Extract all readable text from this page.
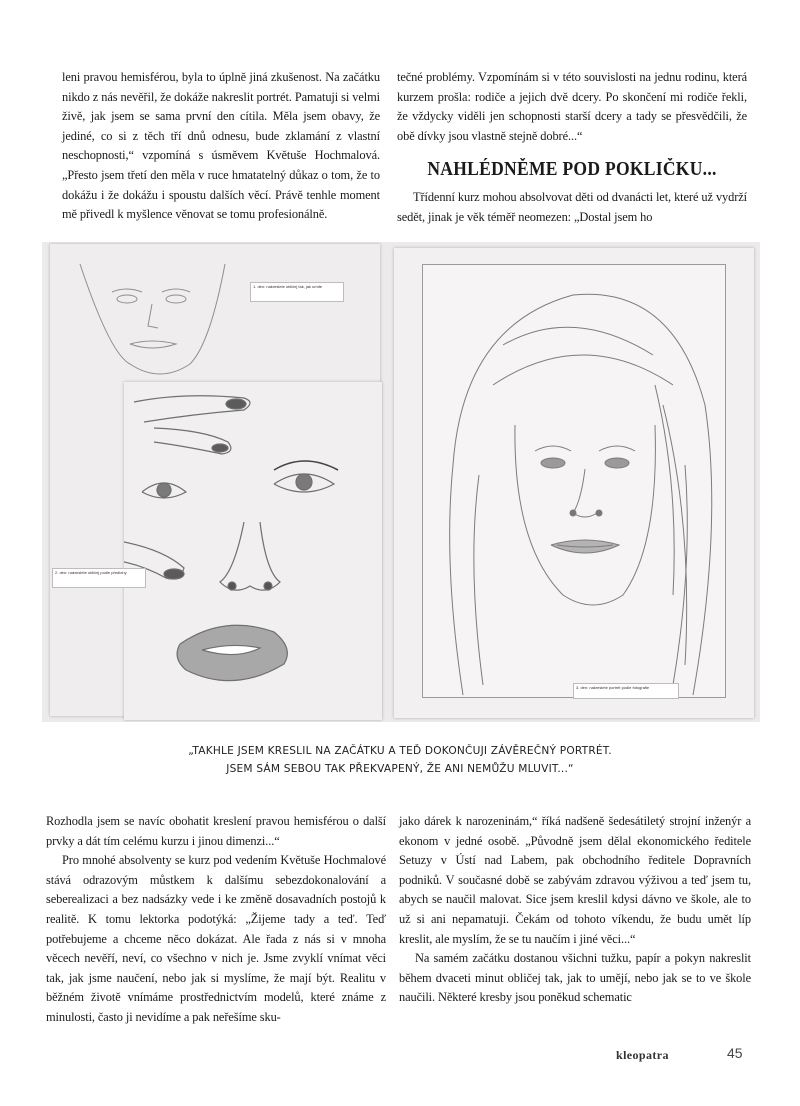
leni pravou hemisférou, byla to úplně jiná zkušenost. Na začátku nikdo z nás nevěřil, že dokáže nakreslit portrét. Pamatuji si velmi živě, jak jsem se sama první den cítila. Měla jsem obavy, že jediné, co si z těch tří dnů odnesu, bude zklamání z vlastní neschopnosti,“ vzpomíná s úsměvem Květuše Hochmalová. „Přesto jsem třetí den měla v ruce hmatatelný důkaz o tom, že to dokážu i že dokážu i spoustu dalších věcí. Právě tenhle moment mě přivedl k myšlence věnovat se tomu profesionálně.

tečné problémy. Vzpomínám si v této souvislosti na jednu rodinu, která kurzem prošla: rodiče a jejich dvě dcery. Po skončení mi rodiče řekli, že vždycky viděli jen schopnosti starší dcery a tady se přesvědčili, že obě dívky jsou vlastně stejně dobré...“

NAHLÉDNĚME POD POKLIČKU...

Třídenní kurz mohou absolvovat děti od dvanácti let, které už vydrží sedět, jinak je věk téměř neomezen: „Dostal jsem ho

1. den: nakreslete obličej tak, jak umíte
2. den: nakreslete obličej podle předlohy
3. den: nakreslete portrét podle fotografie
„TAKHLE JSEM KRESLIL NA ZAČÁTKU A TEĎ DOKONČUJI ZÁVĚREČNÝ PORTRÉT.
JSEM SÁM SEBOU TAK PŘEKVAPENÝ, ŽE ANI NEMŮŽU MLUVIT...“

Rozhodla jsem se navíc obohatit kreslení pravou hemisférou o další prvky a dát tím celému kurzu i jinou dimenzi...“

Pro mnohé absolventy se kurz pod vedením Květuše Hochmalové stává odrazovým můstkem k dalšímu sebezdokonalování a seberealizaci a bez nadsázky vede i ke změně dosavadních postojů k realitě. K tomu lektorka podotýká: „Žijeme tady a teď. Teď potřebujeme a chceme něco dokázat. Ale řada z nás si v mnoha věcech nevěří, neví, co všechno v nich je. Jsme zvyklí vnímat věci tak, jak jsme naučení, nebo jak si myslíme, že mají být. Realitu v běžném životě vnímáme prostřednictvím modelů, které známe z minulosti, často ji nevidíme a pak neřešíme sku-

jako dárek k narozeninám,“ říká nadšeně šedesátiletý strojní inženýr a ekonom v jedné osobě. „Původně jsem dělal ekonomického ředitele Setuzy v Ústí nad Labem, pak obchodního ředitele Dopravních podniků. V současné době se zabývám zdravou výživou a teď jsem tu, abych se naučil malovat. Sice jsem kreslil kdysi dávno ve škole, ale to už si ani nepamatuji. Čekám od tohoto víkendu, že budu umět líp kreslit, ale myslím, že se tu naučím i jiné věci...“

Na samém začátku dostanou všichni tužku, papír a pokyn nakreslit během dvaceti minut obličej tak, jak to umějí, nebo jak se to ve škole naučili. Některé kresby jsou poněkud schematic

kleopatra	45
